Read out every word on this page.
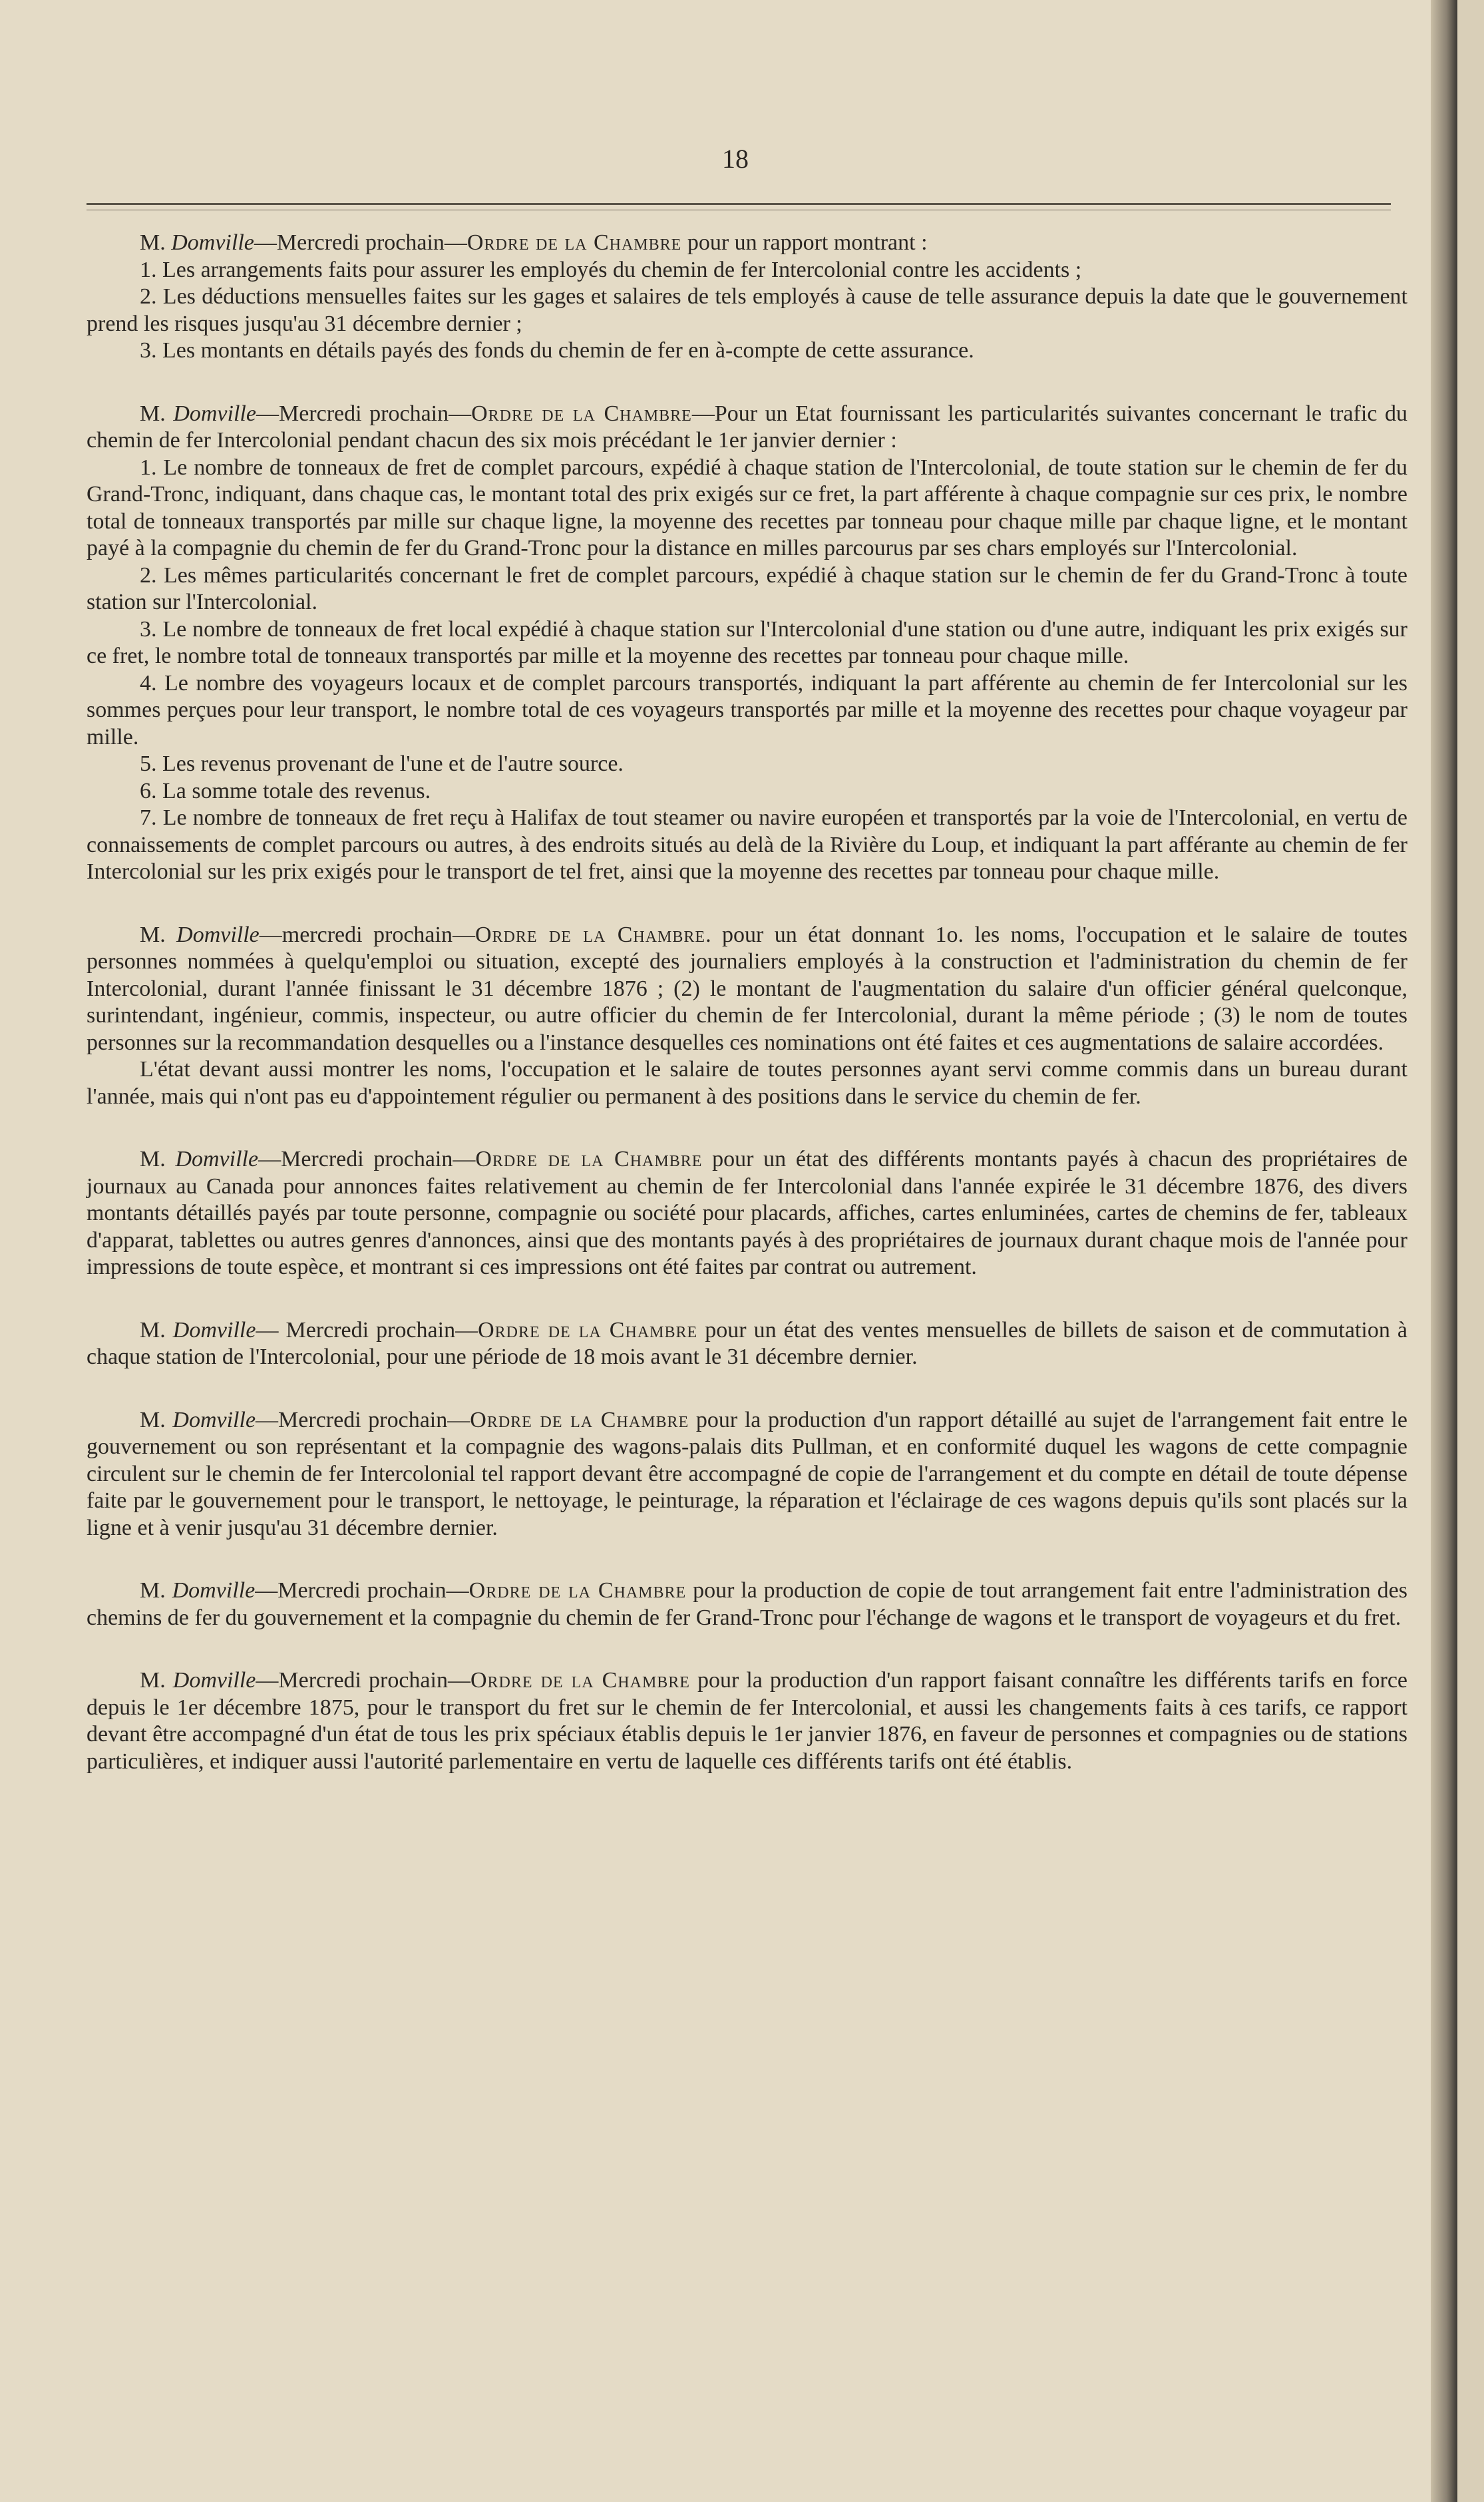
18

M. Domville—Mercredi prochain—Ordre de la Chambre pour un rapport montrant :

1. Les arrangements faits pour assurer les employés du chemin de fer Intercolonial contre les accidents ;

2. Les déductions mensuelles faites sur les gages et salaires de tels employés à cause de telle assurance depuis la date que le gouvernement prend les risques jusqu'au 31 décembre dernier ;

3. Les montants en détails payés des fonds du chemin de fer en à-compte de cette assurance.

M. Domville—Mercredi prochain—Ordre de la Chambre—Pour un Etat fournissant les particularités suivantes concernant le trafic du chemin de fer Intercolonial pendant chacun des six mois précédant le 1er janvier dernier :

1. Le nombre de tonneaux de fret de complet parcours, expédié à chaque station de l'Intercolonial, de toute station sur le chemin de fer du Grand-Tronc, indiquant, dans chaque cas, le montant total des prix exigés sur ce fret, la part afférente à chaque compagnie sur ces prix, le nombre total de tonneaux transportés par mille sur chaque ligne, la moyenne des recettes par tonneau pour chaque mille par chaque ligne, et le montant payé à la compagnie du chemin de fer du Grand-Tronc pour la distance en milles parcourus par ses chars employés sur l'Intercolonial.

2. Les mêmes particularités concernant le fret de complet parcours, expédié à chaque station sur le chemin de fer du Grand-Tronc à toute station sur l'Intercolonial.

3. Le nombre de tonneaux de fret local expédié à chaque station sur l'Intercolonial d'une station ou d'une autre, indiquant les prix exigés sur ce fret, le nombre total de tonneaux transportés par mille et la moyenne des recettes par tonneau pour chaque mille.

4. Le nombre des voyageurs locaux et de complet parcours transportés, indiquant la part afférente au chemin de fer Intercolonial sur les sommes perçues pour leur transport, le nombre total de ces voyageurs transportés par mille et la moyenne des recettes pour chaque voyageur par mille.

5. Les revenus provenant de l'une et de l'autre source.

6. La somme totale des revenus.

7. Le nombre de tonneaux de fret reçu à Halifax de tout steamer ou navire européen et transportés par la voie de l'Intercolonial, en vertu de connaissements de complet parcours ou autres, à des endroits situés au delà de la Rivière du Loup, et indiquant la part afférante au chemin de fer Intercolonial sur les prix exigés pour le transport de tel fret, ainsi que la moyenne des recettes par tonneau pour chaque mille.

M. Domville—mercredi prochain—Ordre de la Chambre. pour un état donnant 1o. les noms, l'occupation et le salaire de toutes personnes nommées à quelqu'emploi ou situation, excepté des journaliers employés à la construction et l'administration du chemin de fer Intercolonial, durant l'année finissant le 31 décembre 1876 ; (2) le montant de l'augmentation du salaire d'un officier général quelconque, surintendant, ingénieur, commis, inspecteur, ou autre officier du chemin de fer Intercolonial, durant la même période ; (3) le nom de toutes personnes sur la recommandation desquelles ou a l'instance desquelles ces nominations ont été faites et ces augmentations de salaire accordées.

L'état devant aussi montrer les noms, l'occupation et le salaire de toutes personnes ayant servi comme commis dans un bureau durant l'année, mais qui n'ont pas eu d'appointement régulier ou permanent à des positions dans le service du chemin de fer.

M. Domville—Mercredi prochain—Ordre de la Chambre pour un état des différents montants payés à chacun des propriétaires de journaux au Canada pour annonces faites relativement au chemin de fer Intercolonial dans l'année expirée le 31 décembre 1876, des divers montants détaillés payés par toute personne, compagnie ou société pour placards, affiches, cartes enluminées, cartes de chemins de fer, tableaux d'apparat, tablettes ou autres genres d'annonces, ainsi que des montants payés à des propriétaires de journaux durant chaque mois de l'année pour impressions de toute espèce, et montrant si ces impressions ont été faites par contrat ou autrement.

M. Domville— Mercredi prochain—Ordre de la Chambre pour un état des ventes mensuelles de billets de saison et de commutation à chaque station de l'Intercolonial, pour une période de 18 mois avant le 31 décembre dernier.

M. Domville—Mercredi prochain—Ordre de la Chambre pour la production d'un rapport détaillé au sujet de l'arrangement fait entre le gouvernement ou son représentant et la compagnie des wagons-palais dits Pullman, et en conformité duquel les wagons de cette compagnie circulent sur le chemin de fer Intercolonial tel rapport devant être accompagné de copie de l'arrangement et du compte en détail de toute dépense faite par le gouvernement pour le transport, le nettoyage, le peinturage, la réparation et l'éclairage de ces wagons depuis qu'ils sont placés sur la ligne et à venir jusqu'au 31 décembre dernier.

M. Domville—Mercredi prochain—Ordre de la Chambre pour la production de copie de tout arrangement fait entre l'administration des chemins de fer du gouvernement et la compagnie du chemin de fer Grand-Tronc pour l'échange de wagons et le transport de voyageurs et du fret.

M. Domville—Mercredi prochain—Ordre de la Chambre pour la production d'un rapport faisant connaître les différents tarifs en force depuis le 1er décembre 1875, pour le transport du fret sur le chemin de fer Intercolonial, et aussi les changements faits à ces tarifs, ce rapport devant être accompagné d'un état de tous les prix spéciaux établis depuis le 1er janvier 1876, en faveur de personnes et compagnies ou de stations particulières, et indiquer aussi l'autorité parlementaire en vertu de laquelle ces différents tarifs ont été établis.
